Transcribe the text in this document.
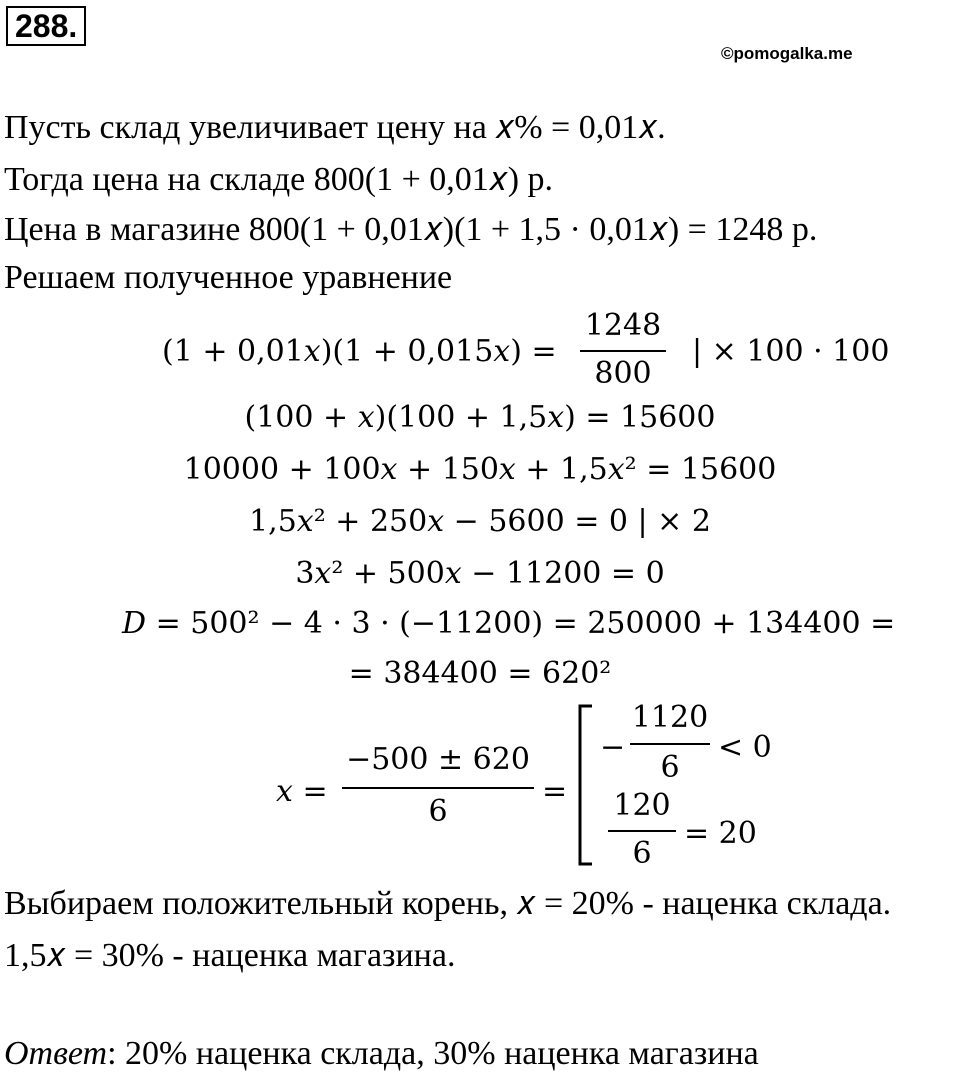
288.
©pomogalka.me
Пусть склад увеличивает цену на 𝑥% = 0,01𝑥.
Тогда цена на складе 800(1 + 0,01𝑥) р.
Цена в магазине 800(1 + 0,01𝑥)(1 + 1,5 · 0,01𝑥) = 1248 р.
Решаем полученное уравнение
(1 + 0,01𝑥)(1 + 0,015𝑥) =
1248
800
| × 100 · 100
(100 + 𝑥)(100 + 1,5𝑥) = 15600
10000 + 100𝑥 + 150𝑥 + 1,5𝑥² = 15600
1,5𝑥² + 250𝑥 − 5600 = 0 | × 2
3𝑥² + 500𝑥 − 11200 = 0
𝐷 = 500² − 4 · 3 · (−11200) = 250000 + 134400 =
= 384400 = 620²
𝑥 =
−500 ± 620
6
=
−
1120
6
< 0
120
6
= 20
Выбираем положительный корень, 𝑥 = 20% - наценка склада.
1,5𝑥 = 30% - наценка магазина.
Ответ: 20% наценка склада, 30% наценка магазина
